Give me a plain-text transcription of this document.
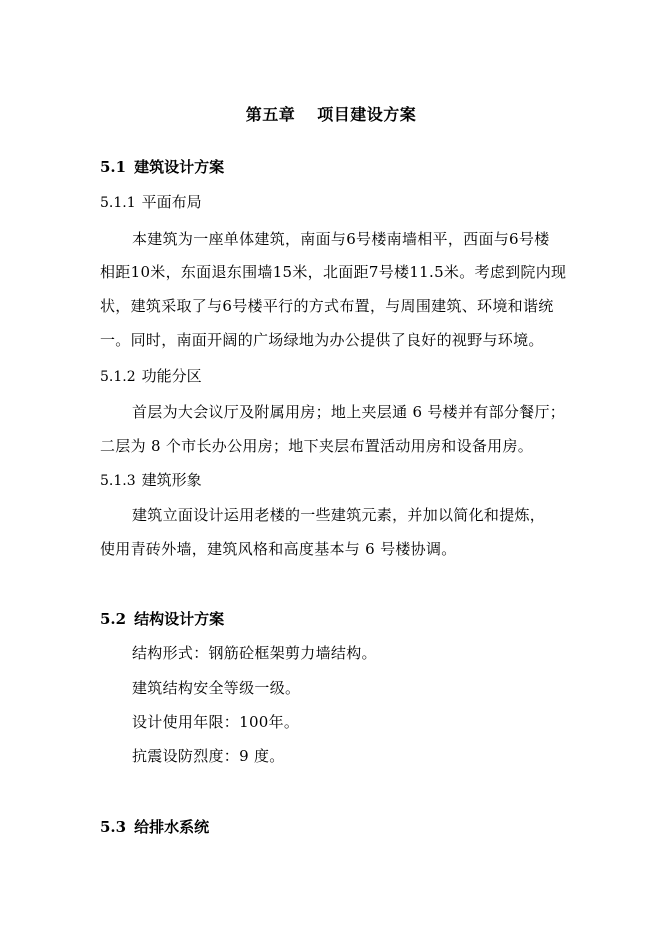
第五章 项目建设方案
5.1 建筑设计方案
5.1.1 平面布局
本建筑为一座单体建筑，南面与6号楼南墙相平，西面与6号楼
相距10米，东面退东围墙15米，北面距7号楼11.5米。考虑到院内现
状，建筑采取了与6号楼平行的方式布置，与周围建筑、环境和谐统
一。同时，南面开阔的广场绿地为办公提供了良好的视野与环境。
5.1.2 功能分区
首层为大会议厅及附属用房；地上夹层通 6 号楼并有部分餐厅；
二层为 8 个市长办公用房；地下夹层布置活动用房和设备用房。
5.1.3 建筑形象
建筑立面设计运用老楼的一些建筑元素，并加以简化和提炼，
使用青砖外墙，建筑风格和高度基本与 6 号楼协调。
5.2 结构设计方案
结构形式：钢筋砼框架剪力墙结构。
建筑结构安全等级一级。
设计使用年限：100年。
抗震设防烈度：9 度。
5.3 给排水系统
